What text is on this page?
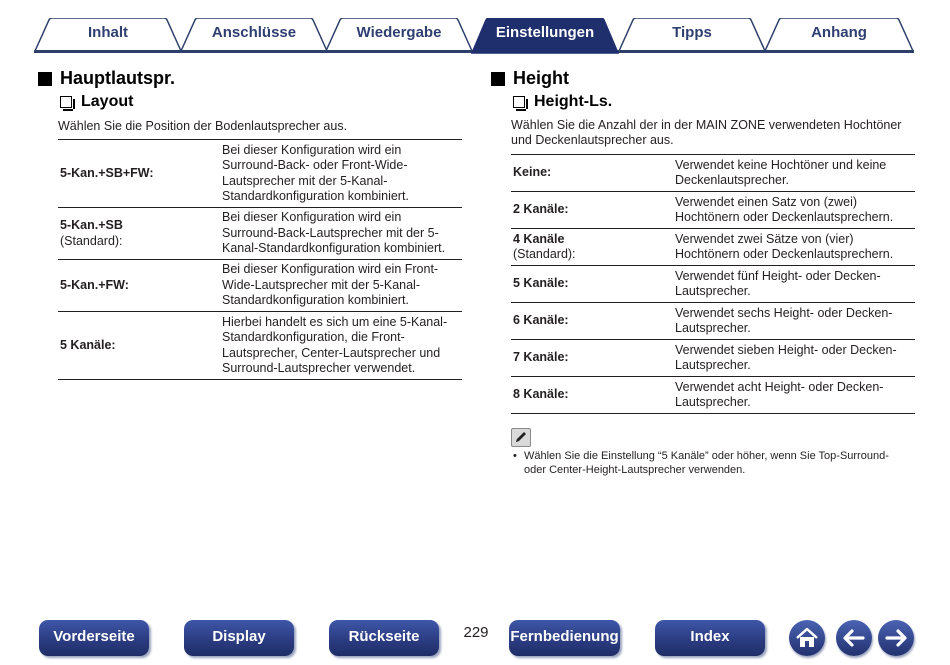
Inhalt	Anschlüsse	Wiedergabe	Tipps	Anhang
Einstellungen
Hauptlautspr.
Layout
Wählen Sie die Position der Bodenlautsprecher aus.
5-Kan.+SB+FW:	Bei dieser Konfiguration wird ein Surround-Back- oder Front-Wide-Lautsprecher mit der 5-Kanal-Standardkonfiguration kombiniert.
5-Kan.+SB
(Standard):	Bei dieser Konfiguration wird ein Surround-Back-Lautsprecher mit der 5-Kanal-Standardkonfiguration kombiniert.
5-Kan.+FW:	Bei dieser Konfiguration wird ein Front-Wide-Lautsprecher mit der 5-Kanal-Standardkonfiguration kombiniert.
5 Kanäle:	Hierbei handelt es sich um eine 5-Kanal-Standardkonfiguration, die Front-Lautsprecher, Center-Lautsprecher und Surround-Lautsprecher verwendet.
Height
Height-Ls.
Wählen Sie die Anzahl der in der MAIN ZONE verwendeten Hochtöner und Deckenlautsprecher aus.
Keine:	Verwendet keine Hochtöner und keine Deckenlautsprecher.
2 Kanäle:	Verwendet einen Satz von (zwei) Hochtönern oder Deckenlautsprechern.
4 Kanäle
(Standard):	Verwendet zwei Sätze von (vier) Hochtönern oder Deckenlautsprechern.
5 Kanäle:	Verwendet fünf Height- oder Decken-Lautsprecher.
6 Kanäle:	Verwendet sechs Height- oder Decken-Lautsprecher.
7 Kanäle:	Verwendet sieben Height- oder Decken-Lautsprecher.
8 Kanäle:	Verwendet acht Height- oder Decken-Lautsprecher.
• Wählen Sie die Einstellung “5 Kanäle” oder höher, wenn Sie Top-Surround- oder Center-Height-Lautsprecher verwenden.
Vorderseite	Display	Rückseite	229	Fernbedienung	Index
